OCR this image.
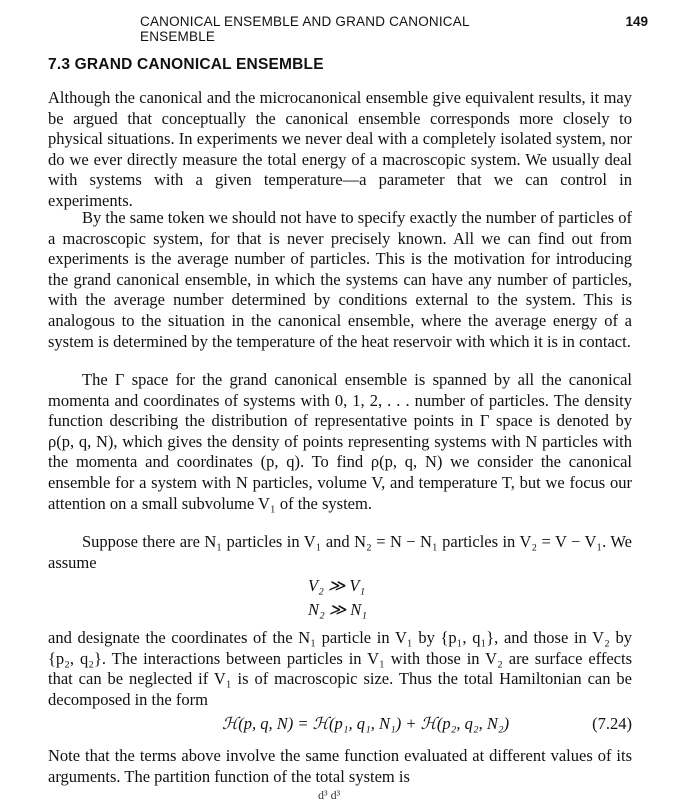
CANONICAL ENSEMBLE AND GRAND CANONICAL ENSEMBLE
149
7.3 GRAND CANONICAL ENSEMBLE
Although the canonical and the microcanonical ensemble give equivalent results, it may be argued that conceptually the canonical ensemble corresponds more closely to physical situations. In experiments we never deal with a completely isolated system, nor do we ever directly measure the total energy of a macroscopic system. We usually deal with systems with a given temperature—a parameter that we can control in experiments.
By the same token we should not have to specify exactly the number of particles of a macroscopic system, for that is never precisely known. All we can find out from experiments is the average number of particles. This is the motivation for introducing the grand canonical ensemble, in which the systems can have any number of particles, with the average number determined by conditions external to the system. This is analogous to the situation in the canonical ensemble, where the average energy of a system is determined by the temperature of the heat reservoir with which it is in contact.
The Γ space for the grand canonical ensemble is spanned by all the canonical momenta and coordinates of systems with 0, 1, 2, . . . number of particles. The density function describing the distribution of representative points in Γ space is denoted by ρ(p, q, N), which gives the density of points representing systems with N particles with the momenta and coordinates (p, q). To find ρ(p, q, N) we consider the canonical ensemble for a system with N particles, volume V, and temperature T, but we focus our attention on a small subvolume V₁ of the system.
Suppose there are N₁ particles in V₁ and N₂ = N − N₁ particles in V₂ = V − V₁. We assume
V₂ ≫ V₁
N₂ ≫ N₁
and designate the coordinates of the N₁ particle in V₁ by {p₁, q₁}, and those in V₂ by {p₂, q₂}. The interactions between particles in V₁ with those in V₂ are surface effects that can be neglected if V₁ is of macroscopic size. Thus the total Hamiltonian can be decomposed in the form
ℋ(p, q, N) = ℋ(p₁, q₁, N₁) + ℋ(p₂, q₂, N₂)	(7.24)
Note that the terms above involve the same function evaluated at different values of its arguments. The partition function of the total system is
d³ d³
